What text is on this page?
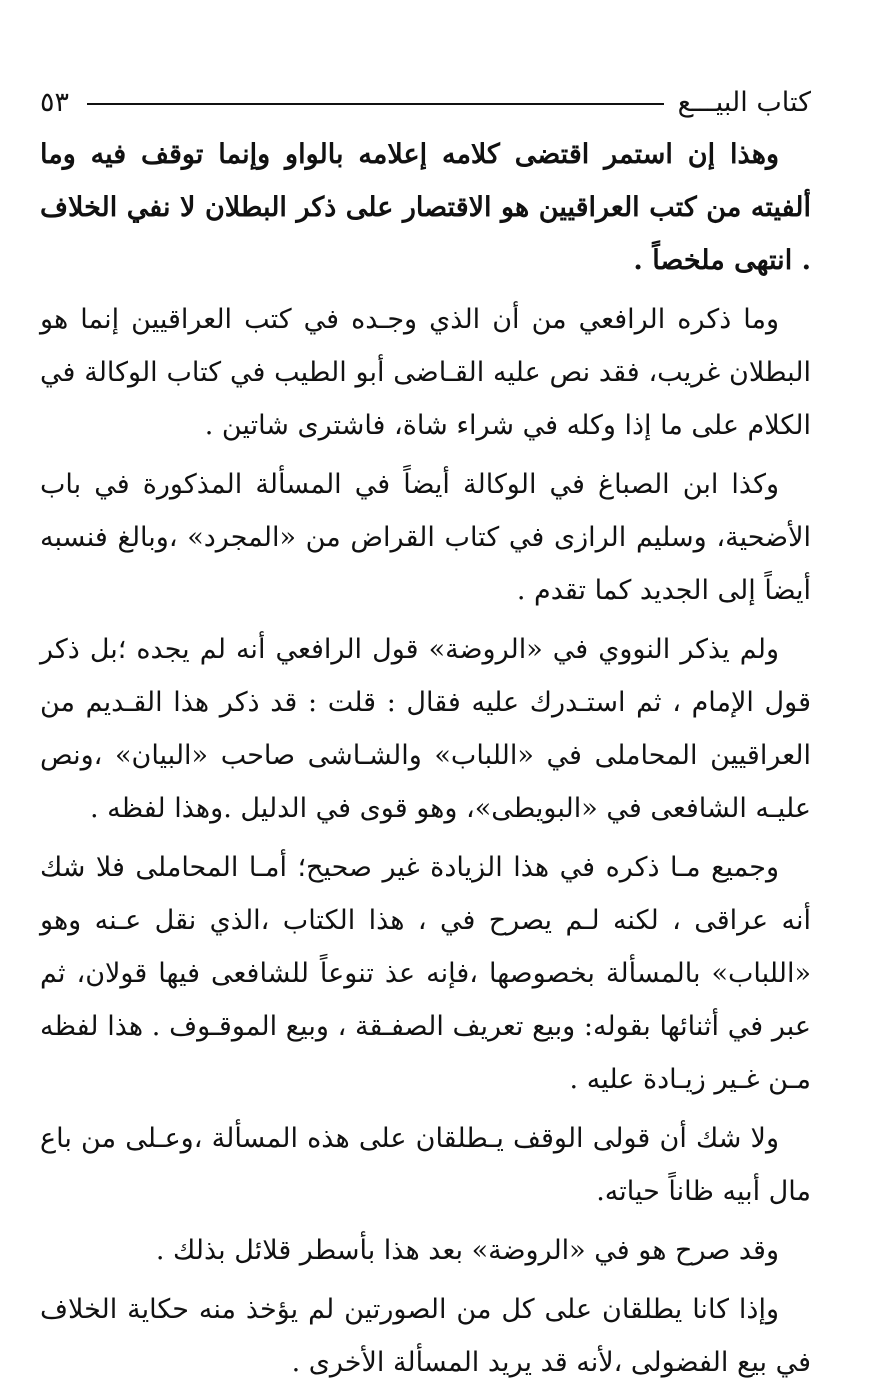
كتاب البيـــع
٥٣

وهذا إن استمر اقتضى كلامه إعلامه بالواو وإنما توقف فيه وما ألفيته من كتب العراقيين هو الاقتصار على ذكر البطلان لا نفي الخلاف . انتهى ملخصاً .

وما ذكره الرافعي من أن الذي وجـده في كتب العراقيين إنما هو البطلان غريب، فقد نص عليه القـاضى أبو الطيب في كتاب الوكالة في الكلام على ما إذا وكله في شراء شاة، فاشترى شاتين .

وكذا ابن الصباغ في الوكالة أيضاً في المسألة المذكورة في باب الأضحية، وسليم الرازى في كتاب القراض من «المجرد» ،وبالغ فنسبه أيضاً إلى الجديد كما تقدم .

ولم يذكر النووي في «الروضة» قول الرافعي أنه لم يجده ؛بل ذكر قول الإمام ، ثم استـدرك عليه فقال : قلت : قد ذكر هذا القـديم من العراقيين المحاملى في «اللباب» والشـاشى صاحب «البيان» ،ونص عليـه الشافعى في «البويطى»، وهو قوى في الدليل .وهذا لفظه .

وجميع مـا ذكره في هذا الزيادة غير صحيح؛ أمـا المحاملى فلا شك أنه عراقى ، لكنه لـم يصرح في ، هذا الكتاب ،الذي نقل عـنه وهو «اللباب» بالمسألة بخصوصها ،فإنه عذ تنوعاً للشافعى فيها قولان، ثم عبر في أثنائها بقوله: وبيع تعريف الصفـقة ، وبيع الموقـوف . هذا لفظه مـن غـير زيـادة عليه .

ولا شك أن قولى الوقف يـطلقان على هذه المسألة ،وعـلى من باع مال أبيه ظاناً حياته.

وقد صرح هو في «الروضة» بعد هذا بأسطر قلائل بذلك .

وإذا كانا يطلقان على كل من الصورتين لم يؤخذ منه حكاية الخلاف في بيع الفضولى ،لأنه قد يريد المسألة الأخرى .
